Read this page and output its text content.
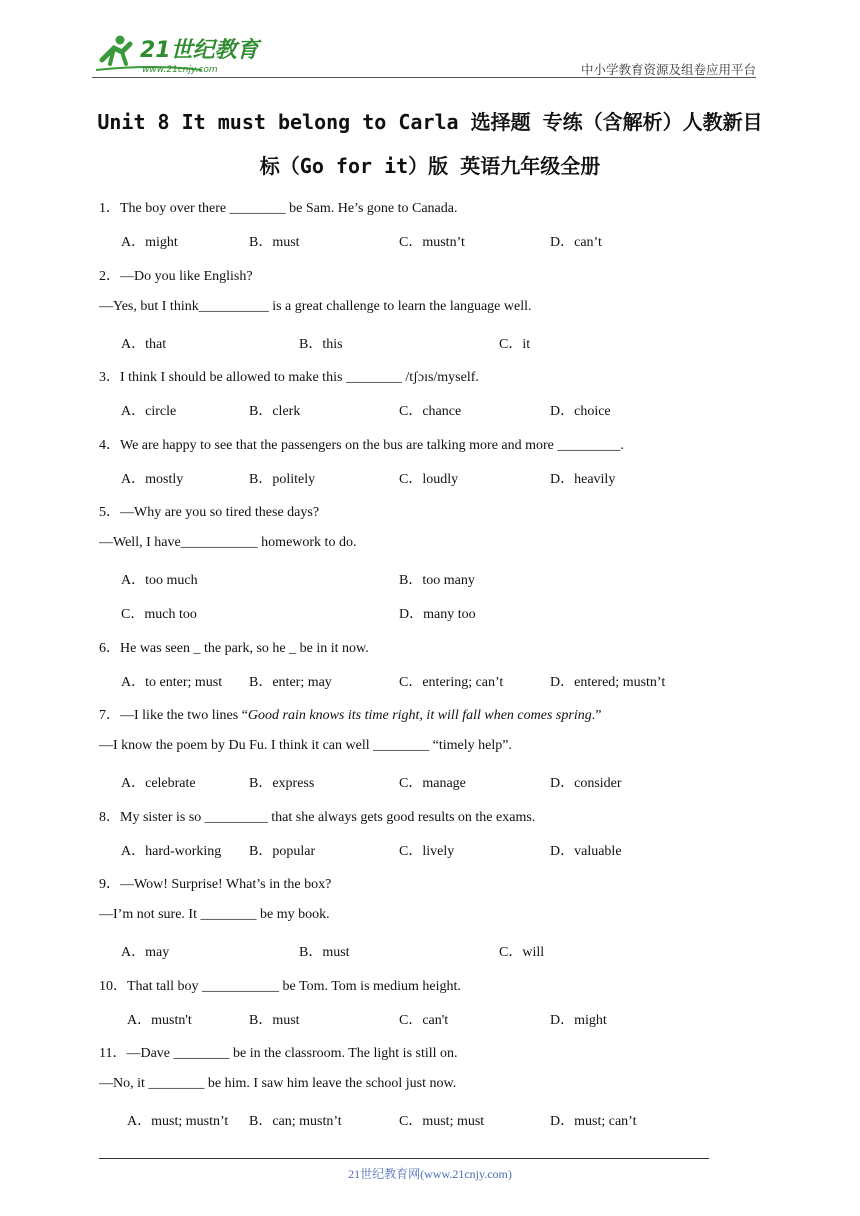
21世纪教育
www.21cnjy.com	中小学教育资源及组卷应用平台
Unit 8 It must belong to Carla 选择题 专练（含解析）人教新目
标（Go for it）版 英语九年级全册
1．The boy over there ________ be Sam. He’s gone to Canada.
A．might	B．must	C．mustn’t	D．can’t
2．—Do you like English?
—Yes, but I think__________ is a great challenge to learn the language well.
A．that	B．this	C．it
3．I think I should be allowed to make this ________ /tʃɔɪs/myself.
A．circle	B．clerk	C．chance	D．choice
4．We are happy to see that the passengers on the bus are talking more and more _________.
A．mostly	B．politely	C．loudly	D．heavily
5．—Why are you so tired these days?
—Well, I have___________ homework to do.
A．too much	B．too many
C．much too	D．many too
6．He was seen _ the park, so he _ be in it now.
A．to enter; must B．enter; may	C．entering; can’t	D．entered; mustn’t
7．—I like the two lines “Good rain knows its time right, it will fall when comes spring.”
—I know the poem by Du Fu. I think it can well ________ “timely help”.
A．celebrate	B．express	C．manage	D．consider
8．My sister is so _________ that she always gets good results on the exams.
A．hard-working B．popular	C．lively	D．valuable
9．—Wow! Surprise! What’s in the box?
—I’m not sure. It ________ be my book.
A．may	B．must	C．will
10．That tall boy ___________ be Tom. Tom is medium height.
A．mustn't	B．must	C．can't	D．might
11．—Dave ________ be in the classroom. The light is still on.
—No, it ________ be him. I saw him leave the school just now.
A．must; mustn’t B．can; mustn’t	C．must; must	D．must; can’t
21世纪教育网(www.21cnjy.com)
